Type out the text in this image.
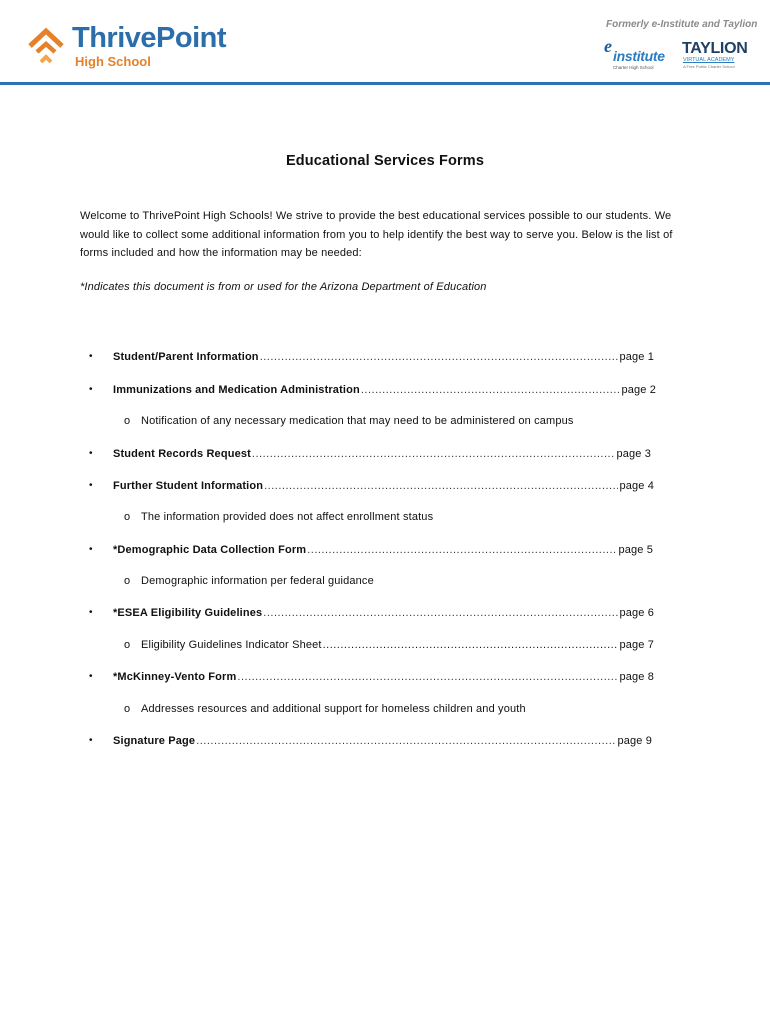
ThrivePoint
High School
Formerly e-Institute and Taylion
e institute
Charter High School
TAYLION
VIRTUAL ACADEMY
A Free Public Charter School
Educational Services Forms
Welcome to ThrivePoint High Schools! We strive to provide the best educational services possible to our students. We would like to collect some additional information from you to help identify the best way to serve you. Below is the list of forms included and how the information may be needed:
*Indicates this document is from or used for the Arizona Department of Education
• Student/Parent Information .....	page 1
• Immunizations and Medication Administration .....	page 2
o Notification of any necessary medication that may need to be administered on campus
• Student Records Request .....	page 3
• Further Student Information .....	page 4
o The information provided does not affect enrollment status
• *Demographic Data Collection Form .....	page 5
o Demographic information per federal guidance
• *ESEA Eligibility Guidelines .....	page 6
o Eligibility Guidelines Indicator Sheet .....	page 7
• *McKinney-Vento Form .....	page 8
o Addresses resources and additional support for homeless children and youth
• Signature Page .....	page 9
